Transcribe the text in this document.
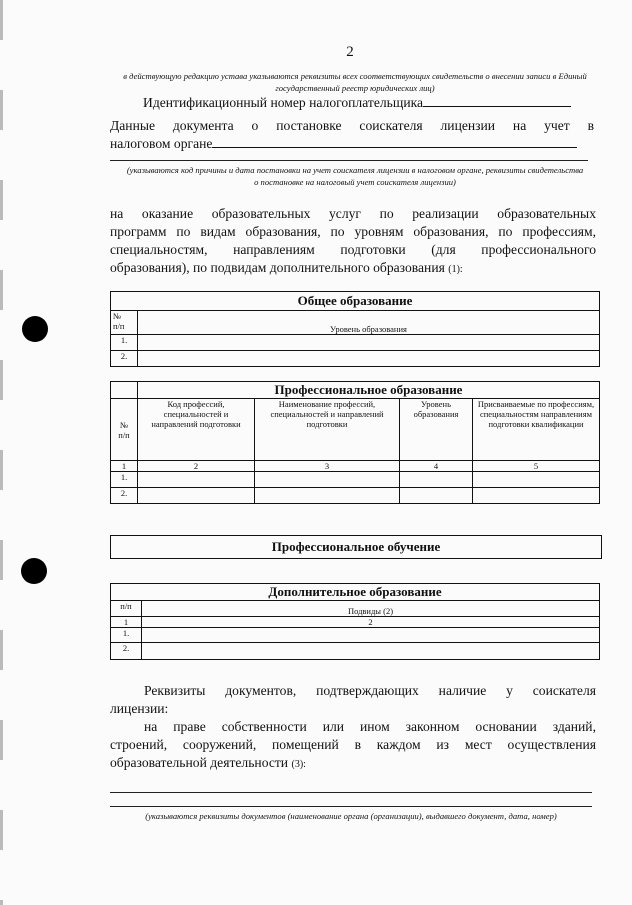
2
в действующую редакцию устава указываются реквизиты всех соответствующих свидетельств о внесении записи в Единый государственный реестр юридических лиц)
Идентификационный номер налогоплательщика
Данные документа о постановке соискателя лицензии на учет в
налоговом органе
(указываются код причины и дата постановки на учет соискателя лицензии в налоговом органе, реквизиты свидетельства о постановке на налоговый учет соискателя лицензии)
на оказание образовательных услуг по реализации образовательных
программ по видам образования, по уровням образования, по профессиям,
специальностям, направлениям подготовки (для профессионального
образования), по подвидам дополнительного образования (1):
Общее образование	

№
п/п	Уровень образования
1.	
2.	
	Профессиональное образование			

№
п/п	Код профессий, специальностей и направлений подготовки	Наименование профессий, специальностей и направлений подготовки	Уровень образования	Присваиваемые по профессиям, специальностям направлениям подготовки квалификации
1	2	3	4	5
1.				
2.				
Профессиональное обучение
Дополнительное образование	
п/п	Подвиды (2)
1	2
1.	
2.	
Реквизиты документов, подтверждающих наличие у соискателя
лицензии:
на праве собственности или ином законном основании зданий,
строений, сооружений, помещений в каждом из мест осуществления
образовательной деятельности (3):
(указываются реквизиты документов (наименование органа (организации), выдавшего документ, дата, номер)
